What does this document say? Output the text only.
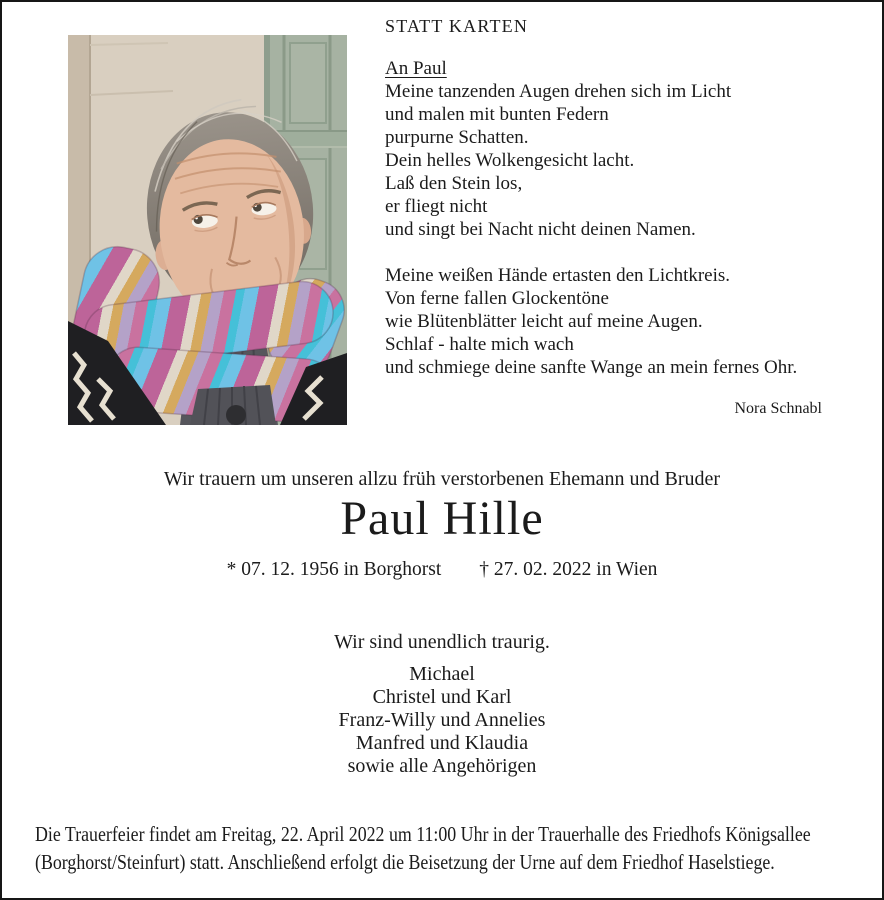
STATT KARTEN
An Paul
Meine tanzenden Augen drehen sich im Licht
und malen mit bunten Federn
purpurne Schatten.
Dein helles Wolkengesicht lacht.
Laß den Stein los,
er fliegt nicht
und singt bei Nacht nicht deinen Namen.
Meine weißen Hände ertasten den Lichtkreis.
Von ferne fallen Glockentöne
wie Blütenblätter leicht auf meine Augen.
Schlaf - halte mich wach
und schmiege deine sanfte Wange an mein fernes Ohr.
Nora Schnabl
Wir trauern um unseren allzu früh verstorbenen Ehemann und Bruder
Paul Hille
* 07. 12. 1956 in Borghorst † 27. 02. 2022 in Wien
Wir sind unendlich traurig.
Michael
Christel und Karl
Franz-Willy und Annelies
Manfred und Klaudia
sowie alle Angehörigen
Die Trauerfeier findet am Freitag, 22. April 2022 um 11:00 Uhr in der Trauerhalle des Friedhofs Königsallee
(Borghorst/Steinfurt) statt. Anschließend erfolgt die Beisetzung der Urne auf dem Friedhof Haselstiege.
